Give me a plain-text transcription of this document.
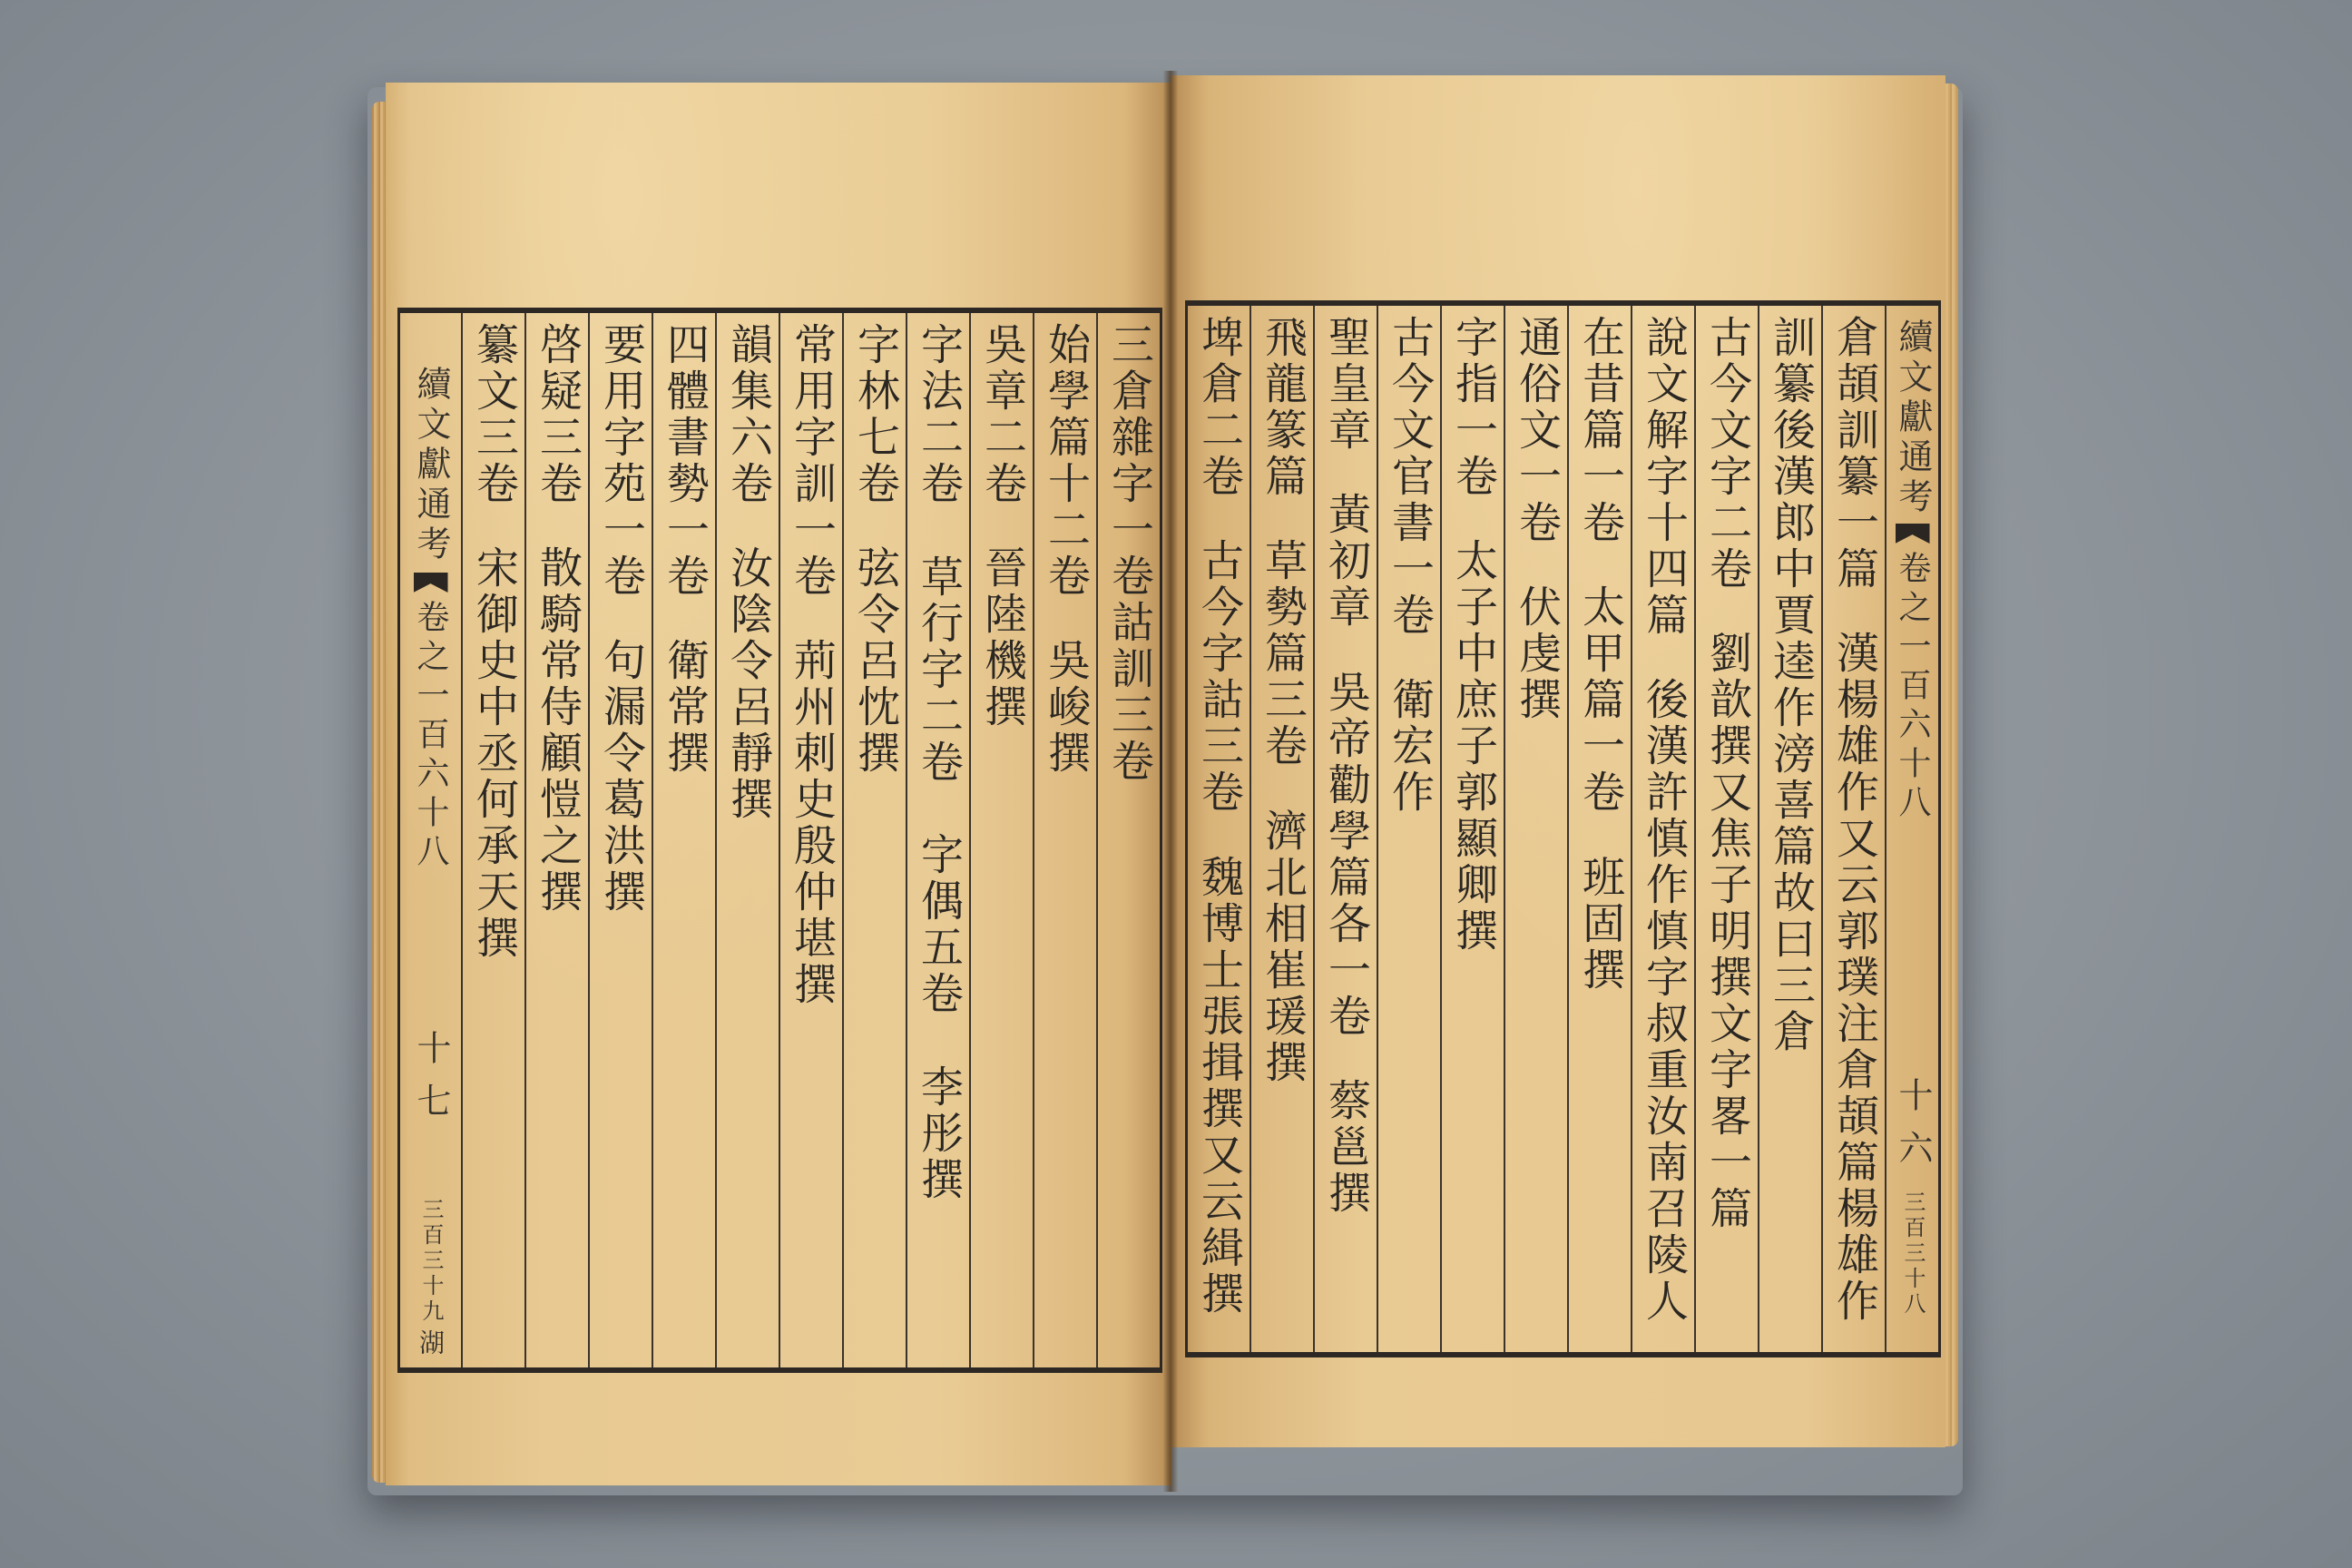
三倉雜字一卷詁訓三卷
始學篇十二卷吳峻撰
吳章二卷晉陸機撰
字法二卷草行字二卷字偶五卷李彤撰
字林七卷弦令呂忱撰
常用字訓一卷荊州刺史殷仲堪撰
韻集六卷汝陰令呂靜撰
四體書勢一卷衛常撰
要用字苑一卷句漏令葛洪撰
啓疑三卷散騎常侍顧愷之撰
纂文三卷宋御史中丞何承天撰
續文獻通考
卷之一百六十八
十七
三百三十九
湖
續文獻通考
卷之一百六十八
十六
三百三十八
倉頡訓纂一篇漢楊雄作又云郭璞注倉頡篇楊雄作
訓纂後漢郎中賈逵作滂喜篇故曰三倉
古今文字二卷劉歆撰又焦子明撰文字畧一篇
說文解字十四篇後漢許慎作慎字叔重汝南召陵人
在昔篇一卷太甲篇一卷班固撰
通俗文一卷伏虔撰
字指一卷太子中庶子郭顯卿撰
古今文官書一卷衛宏作
聖皇章黃初章吳帝勸學篇各一卷蔡邕撰
飛龍篆篇草勢篇三卷濟北相崔瑗撰
埤倉二卷古今字詁三卷魏博士張揖撰又云緝撰
